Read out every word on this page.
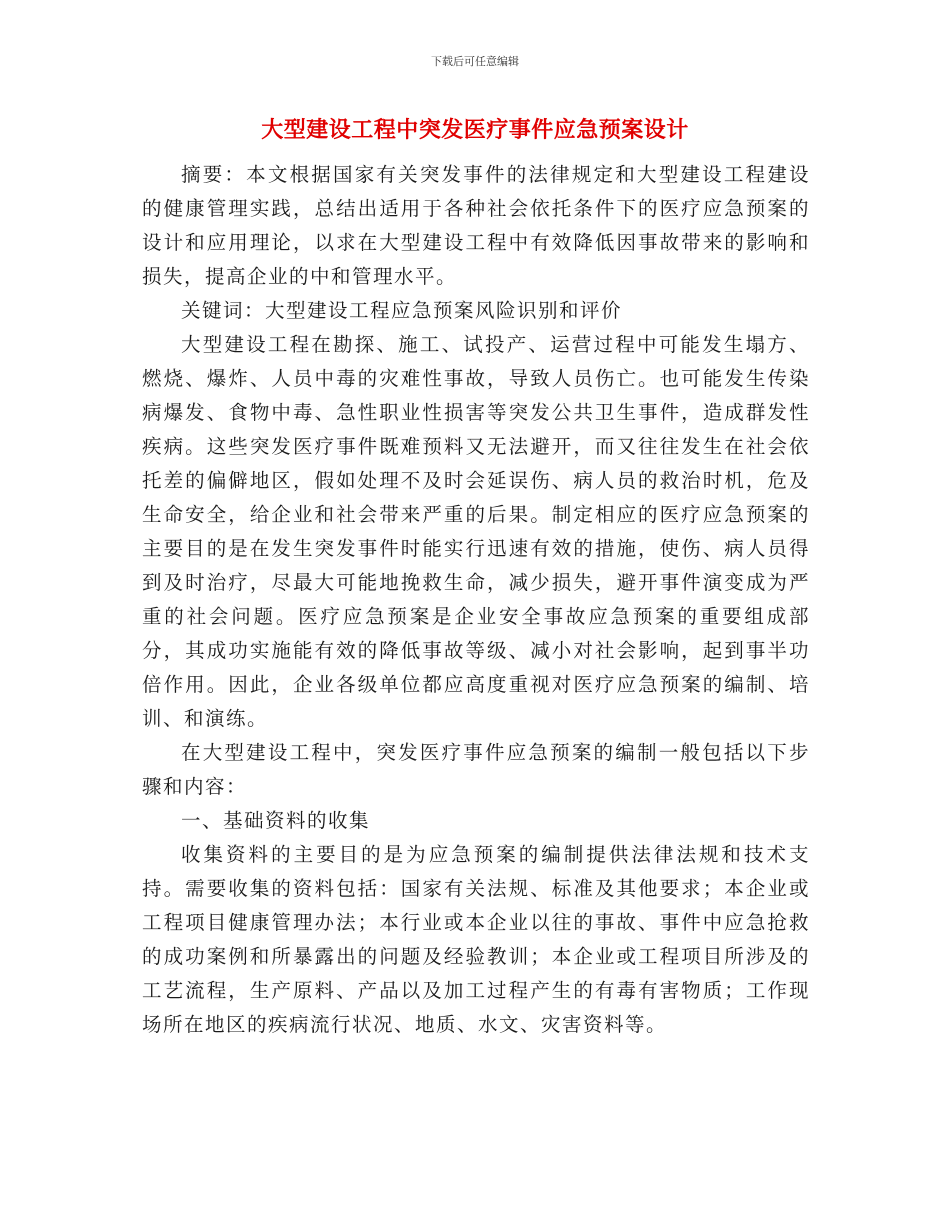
下载后可任意编辑
大型建设工程中突发医疗事件应急预案设计

摘要：本文根据国家有关突发事件的法律规定和大型建设工程建设的健康管理实践，总结出适用于各种社会依托条件下的医疗应急预案的设计和应用理论，以求在大型建设工程中有效降低因事故带来的影响和损失，提高企业的中和管理水平。

关键词：大型建设工程应急预案风险识别和评价

大型建设工程在勘探、施工、试投产、运营过程中可能发生塌方、燃烧、爆炸、人员中毒的灾难性事故，导致人员伤亡。也可能发生传染病爆发、食物中毒、急性职业性损害等突发公共卫生事件，造成群发性疾病。这些突发医疗事件既难预料又无法避开，而又往往发生在社会依托差的偏僻地区，假如处理不及时会延误伤、病人员的救治时机，危及生命安全，给企业和社会带来严重的后果。制定相应的医疗应急预案的主要目的是在发生突发事件时能实行迅速有效的措施，使伤、病人员得到及时治疗，尽最大可能地挽救生命，减少损失，避开事件演变成为严重的社会问题。医疗应急预案是企业安全事故应急预案的重要组成部分，其成功实施能有效的降低事故等级、减小对社会影响，起到事半功倍作用。因此，企业各级单位都应高度重视对医疗应急预案的编制、培训、和演练。

在大型建设工程中，突发医疗事件应急预案的编制一般包括以下步骤和内容：

一、基础资料的收集

收集资料的主要目的是为应急预案的编制提供法律法规和技术支持。需要收集的资料包括：国家有关法规、标准及其他要求；本企业或工程项目健康管理办法；本行业或本企业以往的事故、事件中应急抢救的成功案例和所暴露出的问题及经验教训；本企业或工程项目所涉及的工艺流程，生产原料、产品以及加工过程产生的有毒有害物质；工作现场所在地区的疾病流行状况、地质、水文、灾害资料等。
